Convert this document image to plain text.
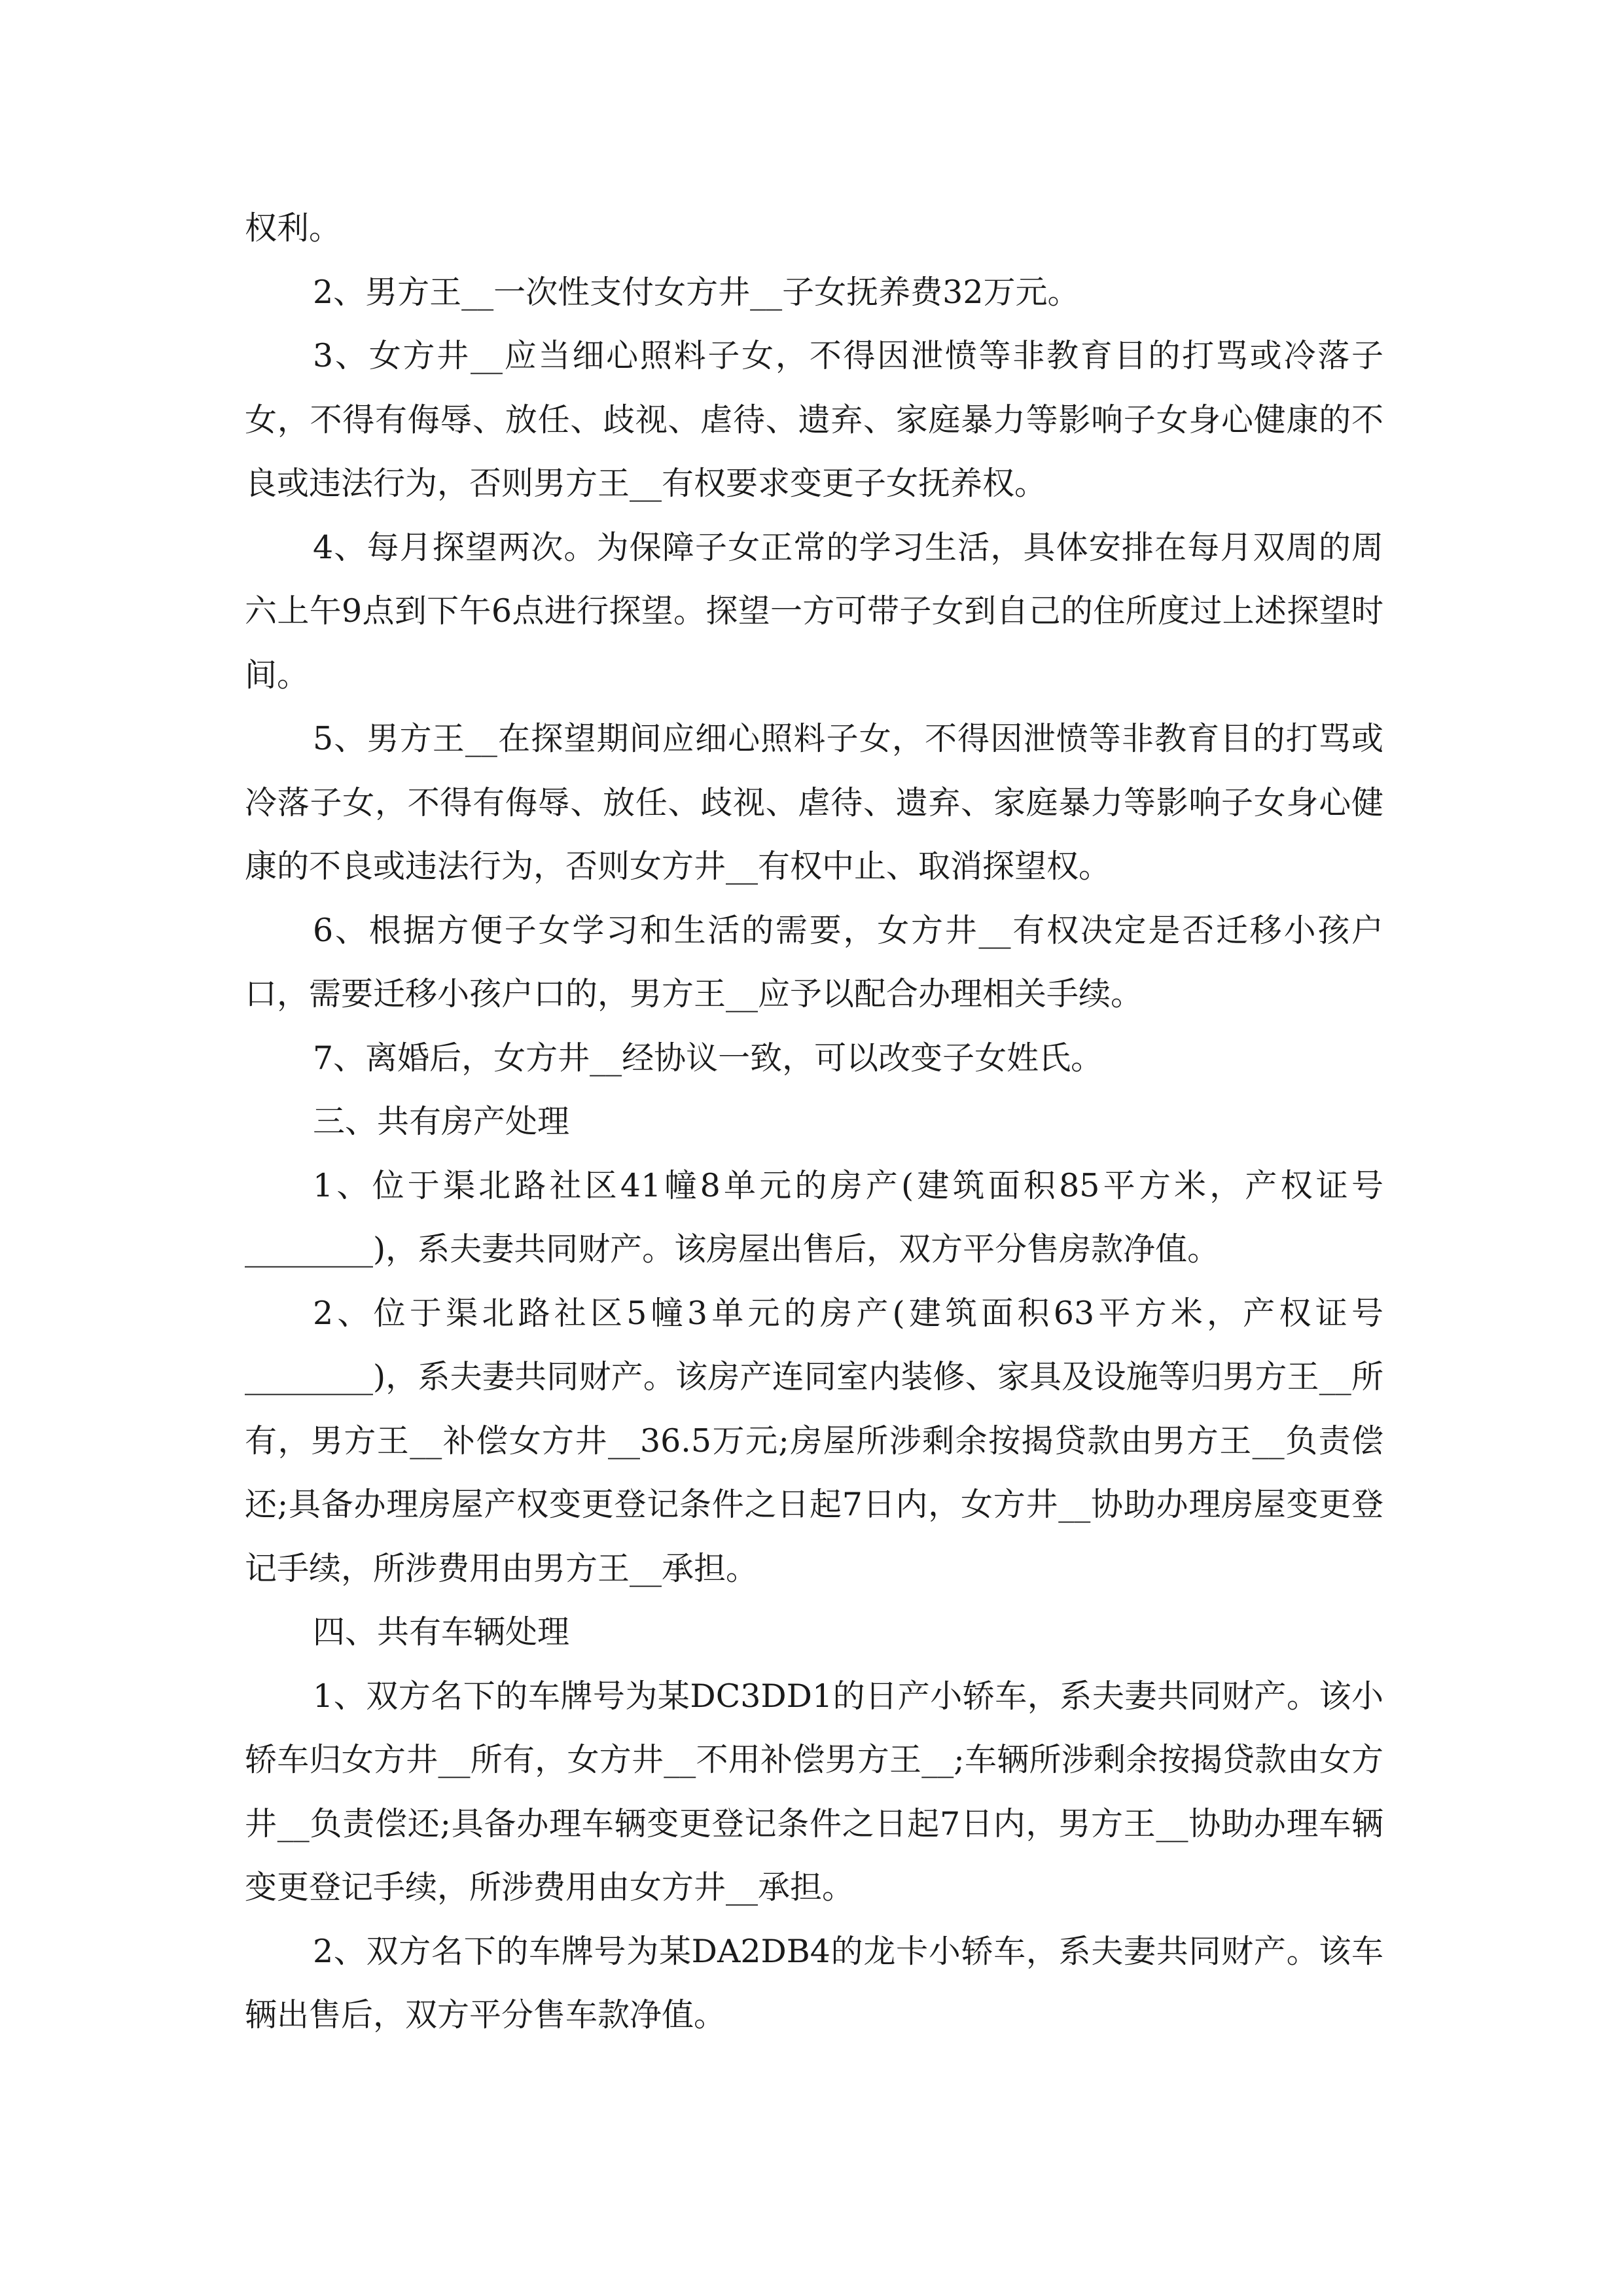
权利。

2、男方王__一次性支付女方井__子女抚养费32万元。

3、女方井__应当细心照料子女，不得因泄愤等非教育目的打骂或冷落子女，不得有侮辱、放任、歧视、虐待、遗弃、家庭暴力等影响子女身心健康的不良或违法行为，否则男方王__有权要求变更子女抚养权。

4、每月探望两次。为保障子女正常的学习生活，具体安排在每月双周的周六上午9点到下午6点进行探望。探望一方可带子女到自己的住所度过上述探望时间。

5、男方王__在探望期间应细心照料子女，不得因泄愤等非教育目的打骂或冷落子女，不得有侮辱、放任、歧视、虐待、遗弃、家庭暴力等影响子女身心健康的不良或违法行为，否则女方井__有权中止、取消探望权。

6、根据方便子女学习和生活的需要，女方井__有权决定是否迁移小孩户口，需要迁移小孩户口的，男方王__应予以配合办理相关手续。

7、离婚后，女方井__经协议一致，可以改变子女姓氏。

三、共有房产处理

1、位于渠北路社区41幢8单元的房产(建筑面积85平方米，产权证号________)，系夫妻共同财产。该房屋出售后，双方平分售房款净值。

2、位于渠北路社区5幢3单元的房产(建筑面积63平方米，产权证号________)，系夫妻共同财产。该房产连同室内装修、家具及设施等归男方王__所有，男方王__补偿女方井__36.5万元;房屋所涉剩余按揭贷款由男方王__负责偿还;具备办理房屋产权变更登记条件之日起7日内，女方井__协助办理房屋变更登记手续，所涉费用由男方王__承担。

四、共有车辆处理

1、双方名下的车牌号为某DC3DD1的日产小轿车，系夫妻共同财产。该小轿车归女方井__所有，女方井__不用补偿男方王__;车辆所涉剩余按揭贷款由女方井__负责偿还;具备办理车辆变更登记条件之日起7日内，男方王__协助办理车辆变更登记手续，所涉费用由女方井__承担。

2、双方名下的车牌号为某DA2DB4的龙卡小轿车，系夫妻共同财产。该车辆出售后，双方平分售车款净值。
